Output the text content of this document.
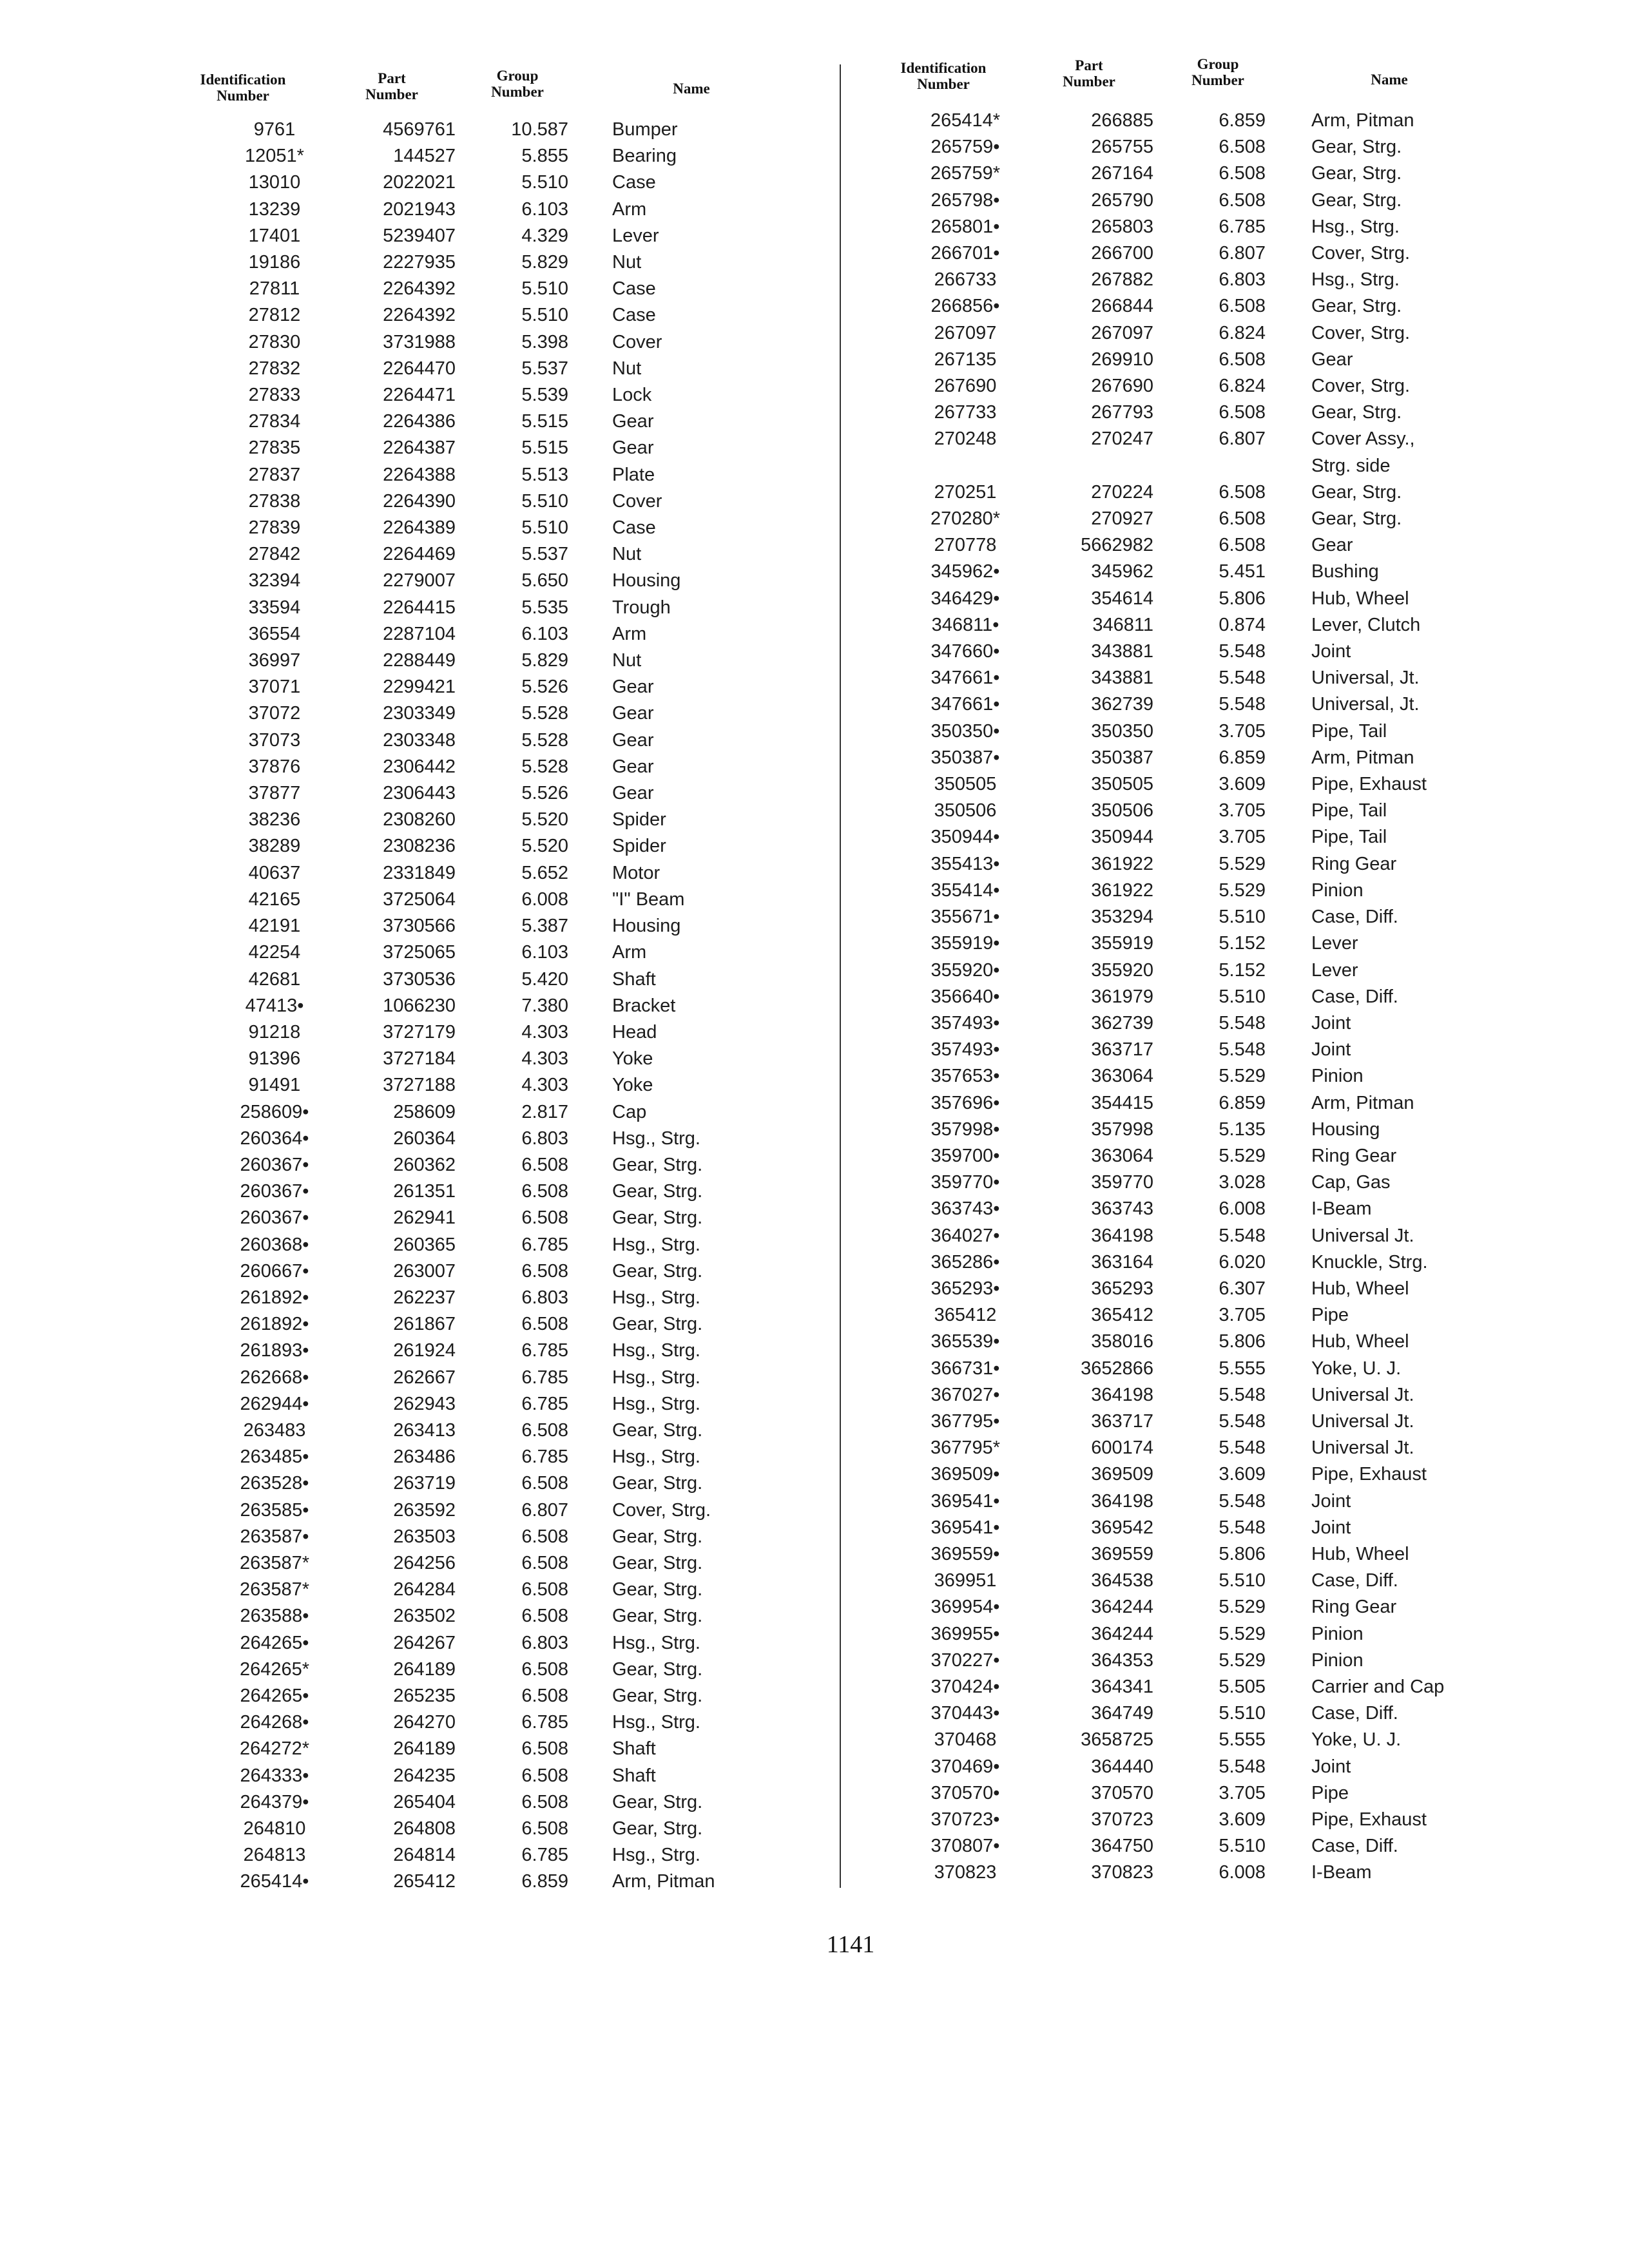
Identification
Number
Part
Number
Group
Number	Name
Identification
Number
Part
Number
Group
Number	Name
9761	4569761	10.587 Bumper
12051*	144527	5.855 Bearing
13010	2022021	5.510 Case
13239	2021943	6.103 Arm
17401	5239407	4.329 Lever
19186	2227935	5.829 Nut
27811	2264392	5.510 Case
27812	2264392	5.510 Case
27830	3731988	5.398 Cover
27832	2264470	5.537 Nut
27833	2264471	5.539 Lock
27834	2264386	5.515 Gear
27835	2264387	5.515 Gear
27837	2264388	5.513 Plate
27838	2264390	5.510 Cover
27839	2264389	5.510 Case
27842	2264469	5.537 Nut
32394	2279007	5.650 Housing
33594	2264415	5.535 Trough
36554	2287104	6.103 Arm
36997	2288449	5.829 Nut
37071	2299421	5.526 Gear
37072	2303349	5.528 Gear
37073	2303348	5.528 Gear
37876	2306442	5.528 Gear
37877	2306443	5.526 Gear
38236	2308260	5.520 Spider
38289	2308236	5.520 Spider
40637	2331849	5.652 Motor
42165	3725064	6.008 "I" Beam
42191	3730566	5.387 Housing
42254	3725065	6.103 Arm
42681	3730536	5.420 Shaft
47413•	1066230	7.380 Bracket
91218	3727179	4.303 Head
91396	3727184	4.303 Yoke
91491	3727188	4.303 Yoke
258609•	258609	2.817 Cap
260364•	260364	6.803 Hsg., Strg.
260367•	260362	6.508 Gear, Strg.
260367•	261351	6.508 Gear, Strg.
260367•	262941	6.508 Gear, Strg.
260368•	260365	6.785 Hsg., Strg.
260667•	263007	6.508 Gear, Strg.
261892•	262237	6.803 Hsg., Strg.
261892•	261867	6.508 Gear, Strg.
261893•	261924	6.785 Hsg., Strg.
262668•	262667	6.785 Hsg., Strg.
262944•	262943	6.785 Hsg., Strg.
263483	263413	6.508 Gear, Strg.
263485•	263486	6.785 Hsg., Strg.
263528•	263719	6.508 Gear, Strg.
263585•	263592	6.807 Cover, Strg.
263587•	263503	6.508 Gear, Strg.
263587*	264256	6.508 Gear, Strg.
263587*	264284	6.508 Gear, Strg.
263588•	263502	6.508 Gear, Strg.
264265•	264267	6.803 Hsg., Strg.
264265*	264189	6.508 Gear, Strg.
264265•	265235	6.508 Gear, Strg.
264268•	264270	6.785 Hsg., Strg.
264272*	264189	6.508 Shaft
264333•	264235	6.508 Shaft
264379•	265404	6.508 Gear, Strg.
264810	264808	6.508 Gear, Strg.
264813	264814	6.785 Hsg., Strg.
265414•	265412	6.859 Arm, Pitman
265414*	266885	6.859 Arm, Pitman
265759•	265755	6.508 Gear, Strg.
265759*	267164	6.508 Gear, Strg.
265798•	265790	6.508 Gear, Strg.
265801•	265803	6.785 Hsg., Strg.
266701•	266700	6.807 Cover, Strg.
266733	267882	6.803 Hsg., Strg.
266856•	266844	6.508 Gear, Strg.
267097	267097	6.824 Cover, Strg.
267135	269910	6.508 Gear
267690	267690	6.824 Cover, Strg.
267733	267793	6.508 Gear, Strg.
270248	270247	6.807 Cover Assy.,
Strg. side
270251	270224	6.508 Gear, Strg.
270280*	270927	6.508 Gear, Strg.
270778	5662982	6.508 Gear
345962•	345962	5.451 Bushing
346429•	354614	5.806 Hub, Wheel
346811•	346811	0.874 Lever, Clutch
347660•	343881	5.548 Joint
347661•	343881	5.548 Universal, Jt.
347661•	362739	5.548 Universal, Jt.
350350•	350350	3.705 Pipe, Tail
350387•	350387	6.859 Arm, Pitman
350505	350505	3.609 Pipe, Exhaust
350506	350506	3.705 Pipe, Tail
350944•	350944	3.705 Pipe, Tail
355413•	361922	5.529 Ring Gear
355414•	361922	5.529 Pinion
355671•	353294	5.510 Case, Diff.
355919•	355919	5.152 Lever
355920•	355920	5.152 Lever
356640•	361979	5.510 Case, Diff.
357493•	362739	5.548 Joint
357493•	363717	5.548 Joint
357653•	363064	5.529 Pinion
357696•	354415	6.859 Arm, Pitman
357998•	357998	5.135 Housing
359700•	363064	5.529 Ring Gear
359770•	359770	3.028 Cap, Gas
363743•	363743	6.008 I-Beam
364027•	364198	5.548 Universal Jt.
365286•	363164	6.020 Knuckle, Strg.
365293•	365293	6.307 Hub, Wheel
365412	365412	3.705 Pipe
365539•	358016	5.806 Hub, Wheel
366731•	3652866	5.555 Yoke, U. J.
367027•	364198	5.548 Universal Jt.
367795•	363717	5.548 Universal Jt.
367795*	600174	5.548 Universal Jt.
369509•	369509	3.609 Pipe, Exhaust
369541•	364198	5.548 Joint
369541•	369542	5.548 Joint
369559•	369559	5.806 Hub, Wheel
369951	364538	5.510 Case, Diff.
369954•	364244	5.529 Ring Gear
369955•	364244	5.529 Pinion
370227•	364353	5.529 Pinion
370424•	364341	5.505 Carrier and Cap
370443•	364749	5.510 Case, Diff.
370468	3658725	5.555 Yoke, U. J.
370469•	364440	5.548 Joint
370570•	370570	3.705 Pipe
370723•	370723	3.609 Pipe, Exhaust
370807•	364750	5.510 Case, Diff.
370823	370823	6.008 I-Beam
1141
